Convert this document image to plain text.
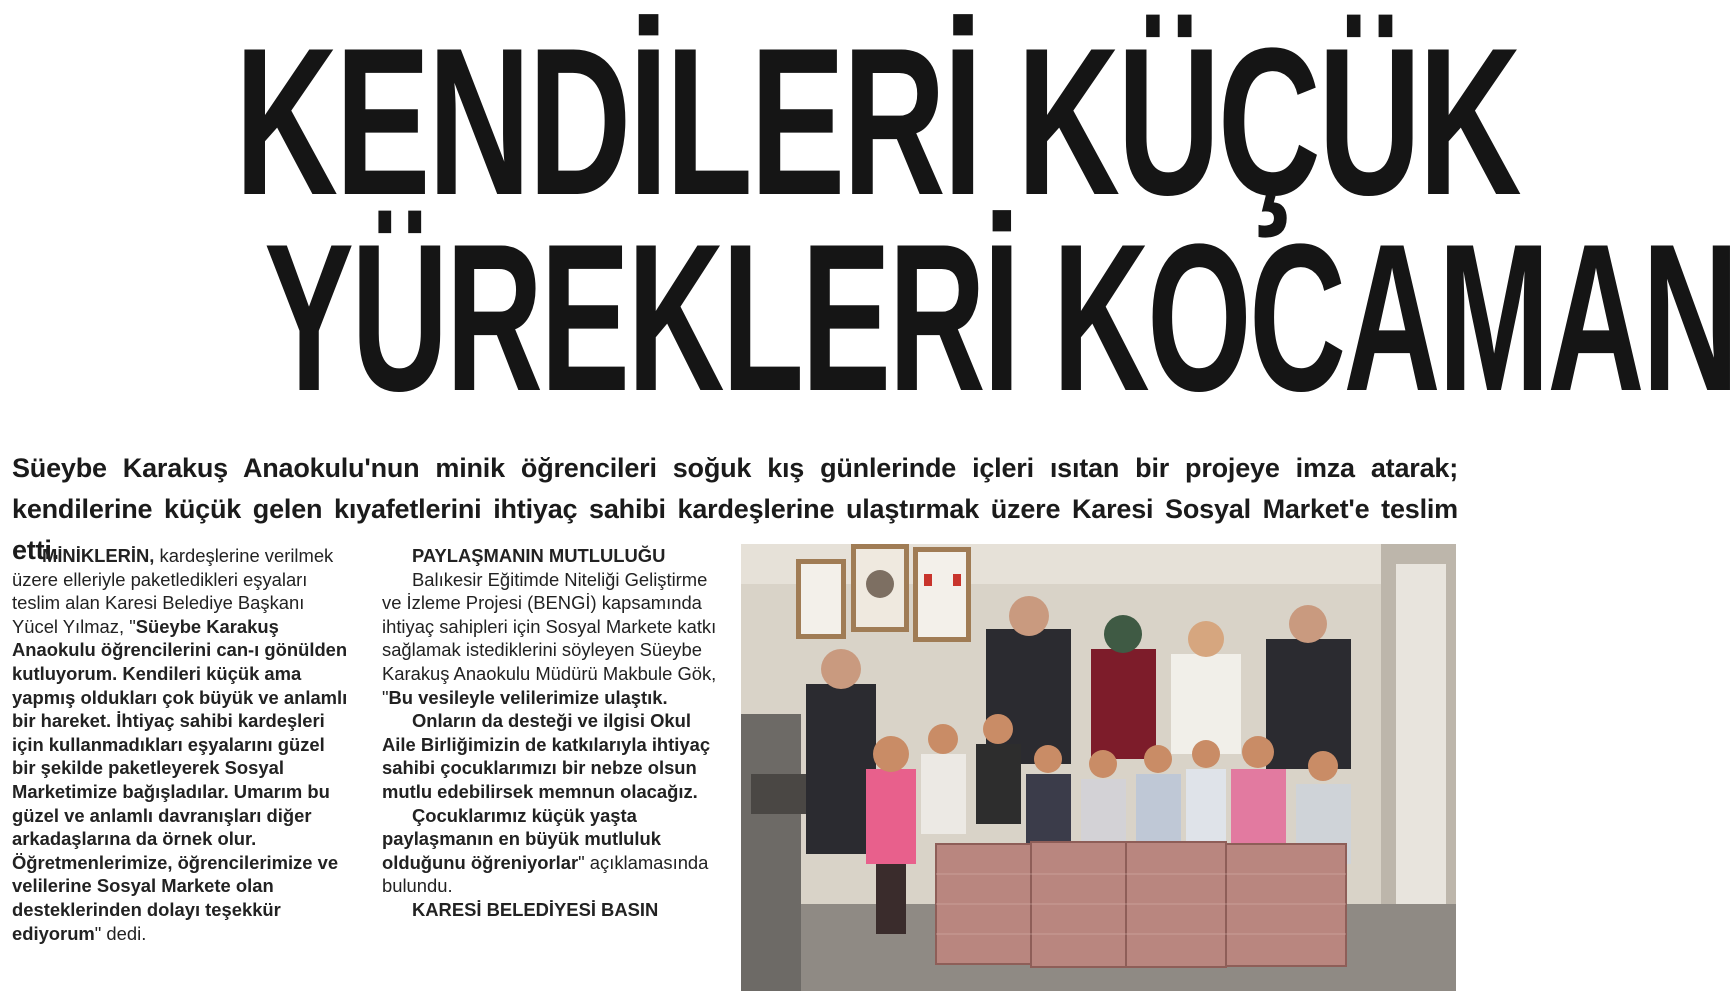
KENDİLERİ KÜÇÜK
YÜREKLERİ KOCAMAN
Süeybe Karakuş Anaokulu'nun minik öğrencileri soğuk kış günlerinde içleri ısıtan bir projeye imza atarak; kendilerine küçük gelen kıyafetlerini ihtiyaç sahibi kardeşlerine ulaştırmak üzere Karesi Sosyal Market'e teslim etti.

MİNİKLERİN, kardeşlerine verilmek üzere elleriyle paketledikleri eşyaları teslim alan Karesi Belediye Başkanı Yücel Yılmaz, "Süeybe Karakuş Anaokulu öğrencilerini can-ı gönülden kutluyorum. Kendileri küçük ama yapmış oldukları çok büyük ve anlamlı bir hareket. İhtiyaç sahibi kardeşleri için kullanmadıkları eşyalarını güzel bir şekilde paketleyerek Sosyal Marketimize bağışladılar. Umarım bu güzel ve anlamlı davranışları diğer arkadaşlarına da örnek olur. Öğretmenlerimize, öğrencilerimize ve velilerine Sosyal Markete olan desteklerinden dolayı teşekkür ediyorum" dedi.

PAYLAŞMANIN MUTLULUĞU

Balıkesir Eğitimde Niteliği Geliştirme ve İzleme Projesi (BENGİ) kapsamında ihtiyaç sahipleri için Sosyal Markete katkı sağlamak istediklerini söyleyen Süeybe Karakuş Anaokulu Müdürü Makbule Gök, "Bu vesileyle velilerimize ulaştık.

Onların da desteği ve ilgisi Okul Aile Birliğimizin de katkılarıyla ihtiyaç sahibi çocuklarımızı bir nebze olsun mutlu edebilirsek memnun olacağız.

Çocuklarımız küçük yaşta paylaşmanın en büyük mutluluk olduğunu öğreniyorlar" açıklamasında bulundu.

KARESİ BELEDİYESİ BASIN
